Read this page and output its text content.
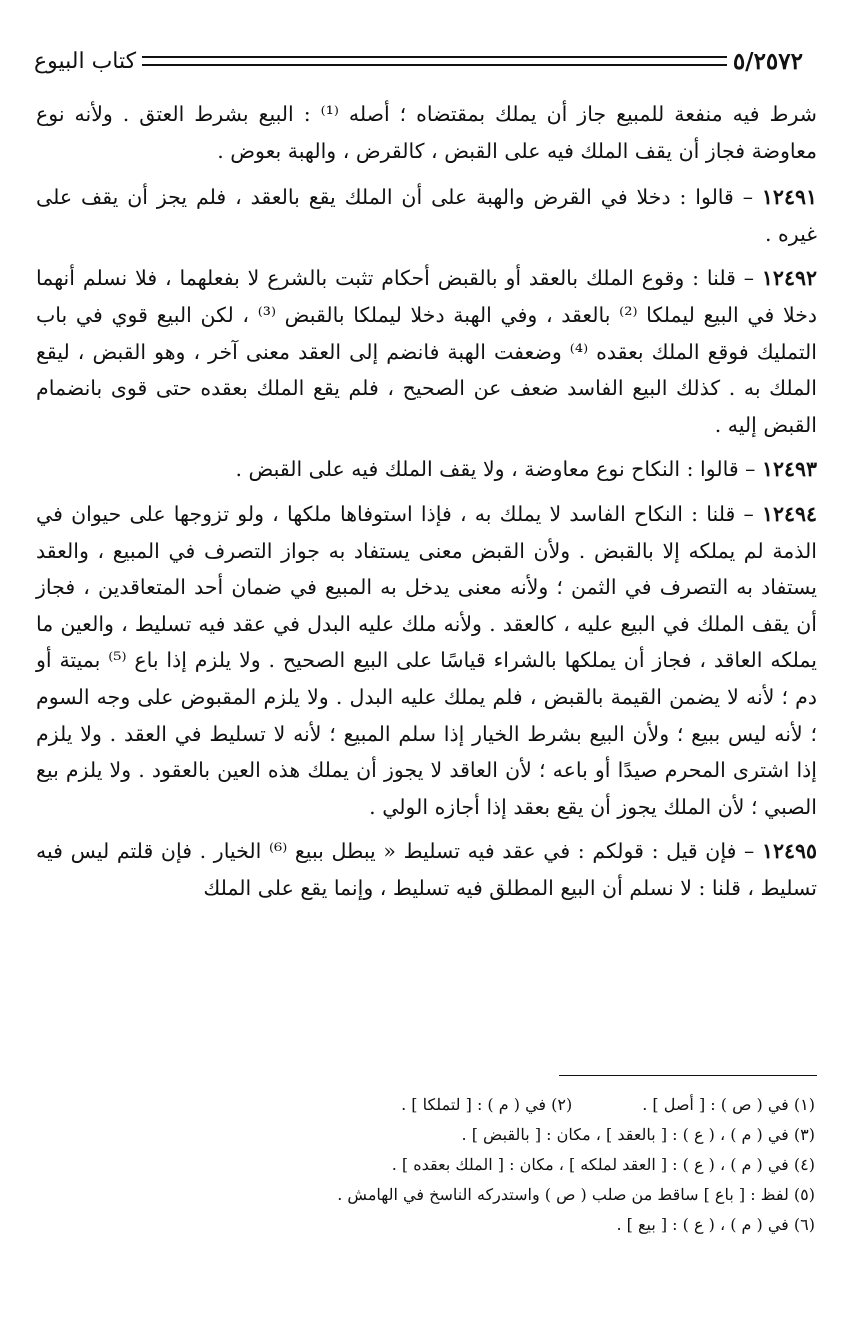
كتاب البيوع	٥/٢٥٧٢

شرط فيه منفعة للمبيع جاز أن يملك بمقتضاه ؛ أصله ⁽¹⁾ : البيع بشرط العتق . ولأنه نوع معاوضة فجاز أن يقف الملك فيه على القبض ، كالقرض ، والهبة بعوض .

١٢٤٩١ – قالوا : دخلا في القرض والهبة على أن الملك يقع بالعقد ، فلم يجز أن يقف على غيره .

١٢٤٩٢ – قلنا : وقوع الملك بالعقد أو بالقبض أحكام تثبت بالشرع لا بفعلهما ، فلا نسلم أنهما دخلا في البيع ليملكا ⁽²⁾ بالعقد ، وفي الهبة دخلا ليملكا بالقبض ⁽³⁾ ، لكن البيع قوي في باب التمليك فوقع الملك بعقده ⁽⁴⁾ وضعفت الهبة فانضم إلى العقد معنى آخر ، وهو القبض ، ليقع الملك به . كذلك البيع الفاسد ضعف عن الصحيح ، فلم يقع الملك بعقده حتى قوى بانضمام القبض إليه .

١٢٤٩٣ – قالوا : النكاح نوع معاوضة ، ولا يقف الملك فيه على القبض .

١٢٤٩٤ – قلنا : النكاح الفاسد لا يملك به ، فإذا استوفاها ملكها ، ولو تزوجها على حيوان في الذمة لم يملكه إلا بالقبض . ولأن القبض معنى يستفاد به جواز التصرف في المبيع ، والعقد يستفاد به التصرف في الثمن ؛ ولأنه معنى يدخل به المبيع في ضمان أحد المتعاقدين ، فجاز أن يقف الملك في البيع عليه ، كالعقد . ولأنه ملك عليه البدل في عقد فيه تسليط ، والعين ما يملكه العاقد ، فجاز أن يملكها بالشراء قياسًا على البيع الصحيح . ولا يلزم إذا باع ⁽⁵⁾ بميتة أو دم ؛ لأنه لا يضمن القيمة بالقبض ، فلم يملك عليه البدل . ولا يلزم المقبوض على وجه السوم ؛ لأنه ليس ببيع ؛ ولأن البيع بشرط الخيار إذا سلم المبيع ؛ لأنه لا تسليط في العقد . ولا يلزم إذا اشترى المحرم صيدًا أو باعه ؛ لأن العاقد لا يجوز أن يملك هذه العين بالعقود . ولا يلزم بيع الصبي ؛ لأن الملك يجوز أن يقع بعقد إذا أجازه الولي .

١٢٤٩٥ – فإن قيل : قولكم : في عقد فيه تسليط « يبطل ببيع ⁽⁶⁾ الخيار . فإن قلتم ليس فيه تسليط ، قلنا : لا نسلم أن البيع المطلق فيه تسليط ، وإنما يقع على الملك

(١) في ( ص ) : [ أصل ] .
(٢) في ( م ) : [ لتملكا ] .
(٣) في ( م ) ، ( ع ) : [ بالعقد ] ، مكان : [ بالقبض ] .
(٤) في ( م ) ، ( ع ) : [ العقد لملكه ] ، مكان : [ الملك بعقده ] .
(٥) لفظ : [ باع ] ساقط من صلب ( ص ) واستدركه الناسخ في الهامش .
(٦) في ( م ) ، ( ع ) : [ بيع ] .
